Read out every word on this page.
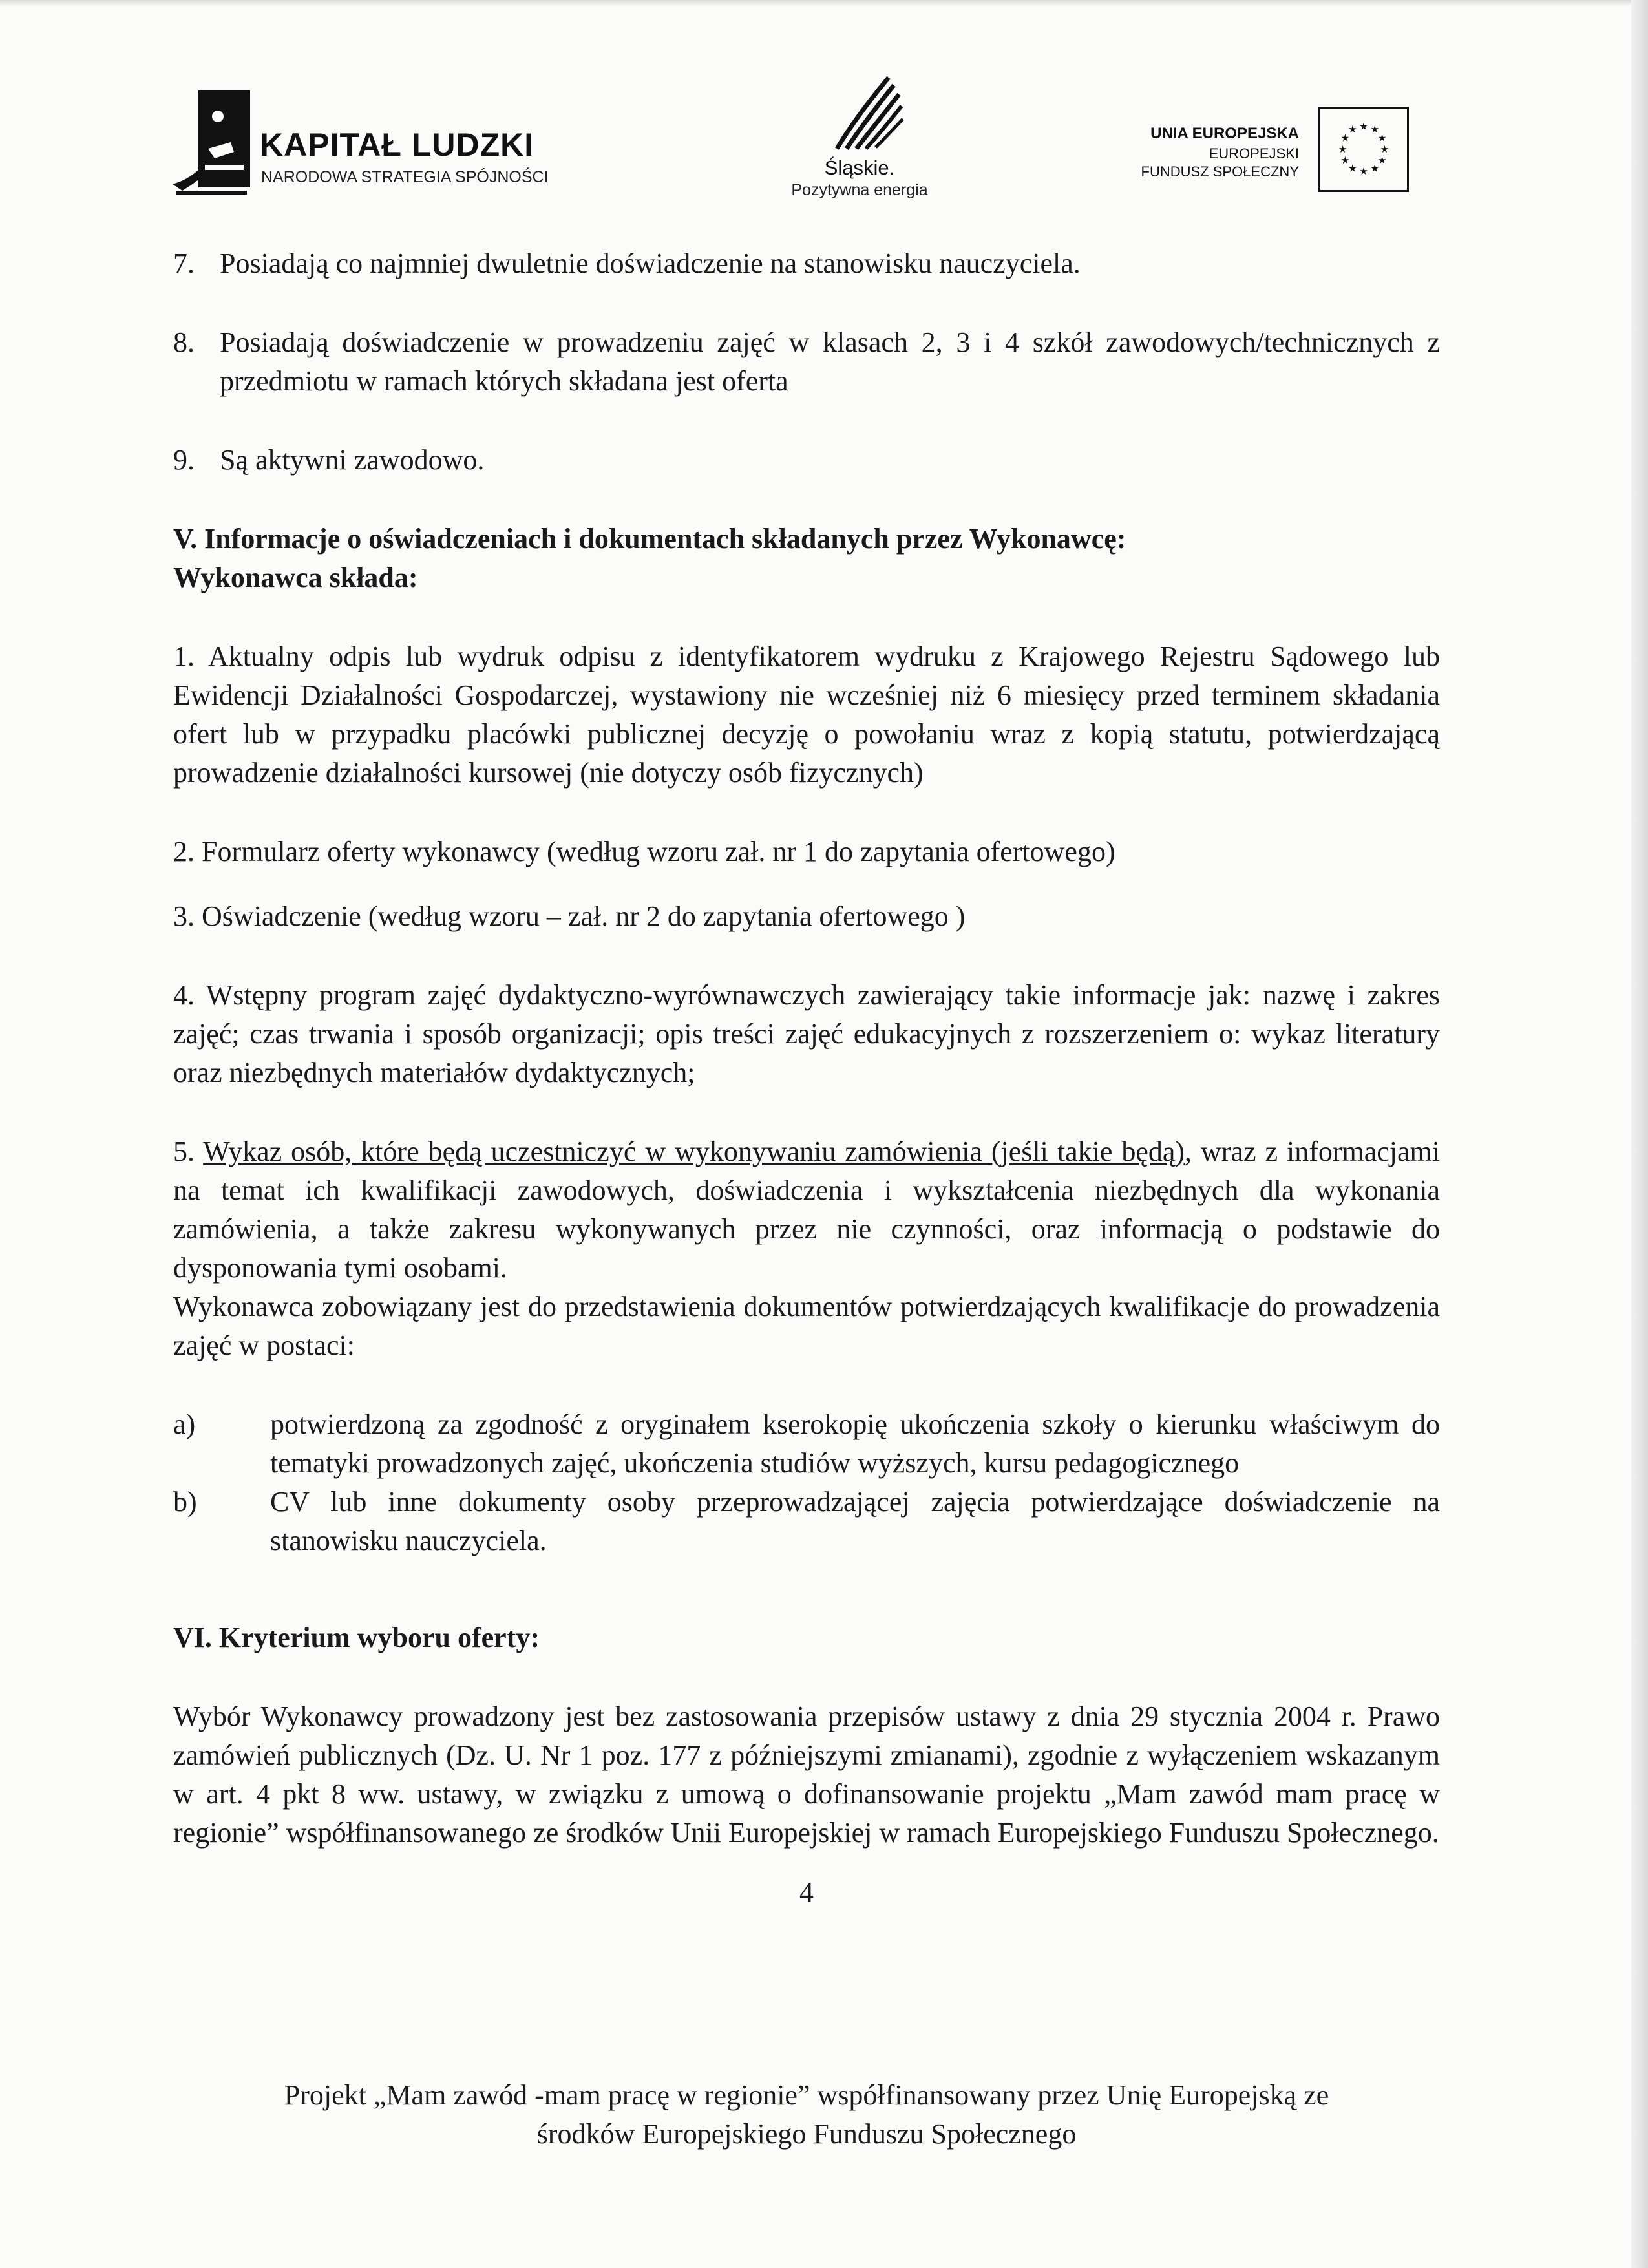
KAPITAŁ LUDZKI
NARODOWA STRATEGIA SPÓJNOŚCI	Śląskie.
Pozytywna energia
UNIA EUROPEJSKA
EUROPEJSKI
FUNDUSZ SPOŁECZNY
★ ★
★
★
★
★
★
★
★
★
★
★
7. Posiadają co najmniej dwuletnie doświadczenie na stanowisku nauczyciela.
8. Posiadają doświadczenie w prowadzeniu zajęć w klasach 2, 3 i 4 szkół zawodowych/technicznych z przedmiotu w ramach których składana jest oferta
9. Są aktywni zawodowo.

V. Informacje o oświadczeniach i dokumentach składanych przez Wykonawcę:

Wykonawca składa:

1. Aktualny odpis lub wydruk odpisu z identyfikatorem wydruku z Krajowego Rejestru Sądowego lub Ewidencji Działalności Gospodarczej, wystawiony nie wcześniej niż 6 miesięcy przed terminem składania ofert lub w przypadku placówki publicznej decyzję o powołaniu wraz z kopią statutu, potwierdzającą prowadzenie działalności kursowej (nie dotyczy osób fizycznych)

2. Formularz oferty wykonawcy (według wzoru zał. nr 1 do zapytania ofertowego)

3. Oświadczenie (według wzoru – zał. nr 2 do zapytania ofertowego )

4. Wstępny program zajęć dydaktyczno-wyrównawczych zawierający takie informacje jak: nazwę i zakres zajęć; czas trwania i sposób organizacji; opis treści zajęć edukacyjnych z rozszerzeniem o: wykaz literatury oraz niezbędnych materiałów dydaktycznych;

5. Wykaz osób, które będą uczestniczyć w wykonywaniu zamówienia (jeśli takie będą), wraz z informacjami na temat ich kwalifikacji zawodowych, doświadczenia i wykształcenia niezbędnych dla wykonania zamówienia, a także zakresu wykonywanych przez nie czynności, oraz informacją o podstawie do dysponowania tymi osobami.

Wykonawca zobowiązany jest do przedstawienia dokumentów potwierdzających kwalifikacje do prowadzenia zajęć w postaci:

a)	potwierdzoną za zgodność z oryginałem kserokopię ukończenia szkoły o kierunku właściwym do tematyki prowadzonych zajęć, ukończenia studiów wyższych, kursu pedagogicznego
b)	CV lub inne dokumenty osoby przeprowadzającej zajęcia potwierdzające doświadczenie na stanowisku nauczyciela.

VI. Kryterium wyboru oferty:

Wybór Wykonawcy prowadzony jest bez zastosowania przepisów ustawy z dnia 29 stycznia 2004 r. Prawo zamówień publicznych (Dz. U. Nr 1 poz. 177 z późniejszymi zmianami), zgodnie z wyłączeniem wskazanym w art. 4 pkt 8 ww. ustawy, w związku z umową o dofinansowanie projektu „Mam zawód mam pracę w regionie” współfinansowanego ze środków Unii Europejskiej w ramach Europejskiego Funduszu Społecznego.

4

Projekt „Mam zawód -mam pracę w regionie” współfinansowany przez Unię Europejską ze
środków Europejskiego Funduszu Społecznego
